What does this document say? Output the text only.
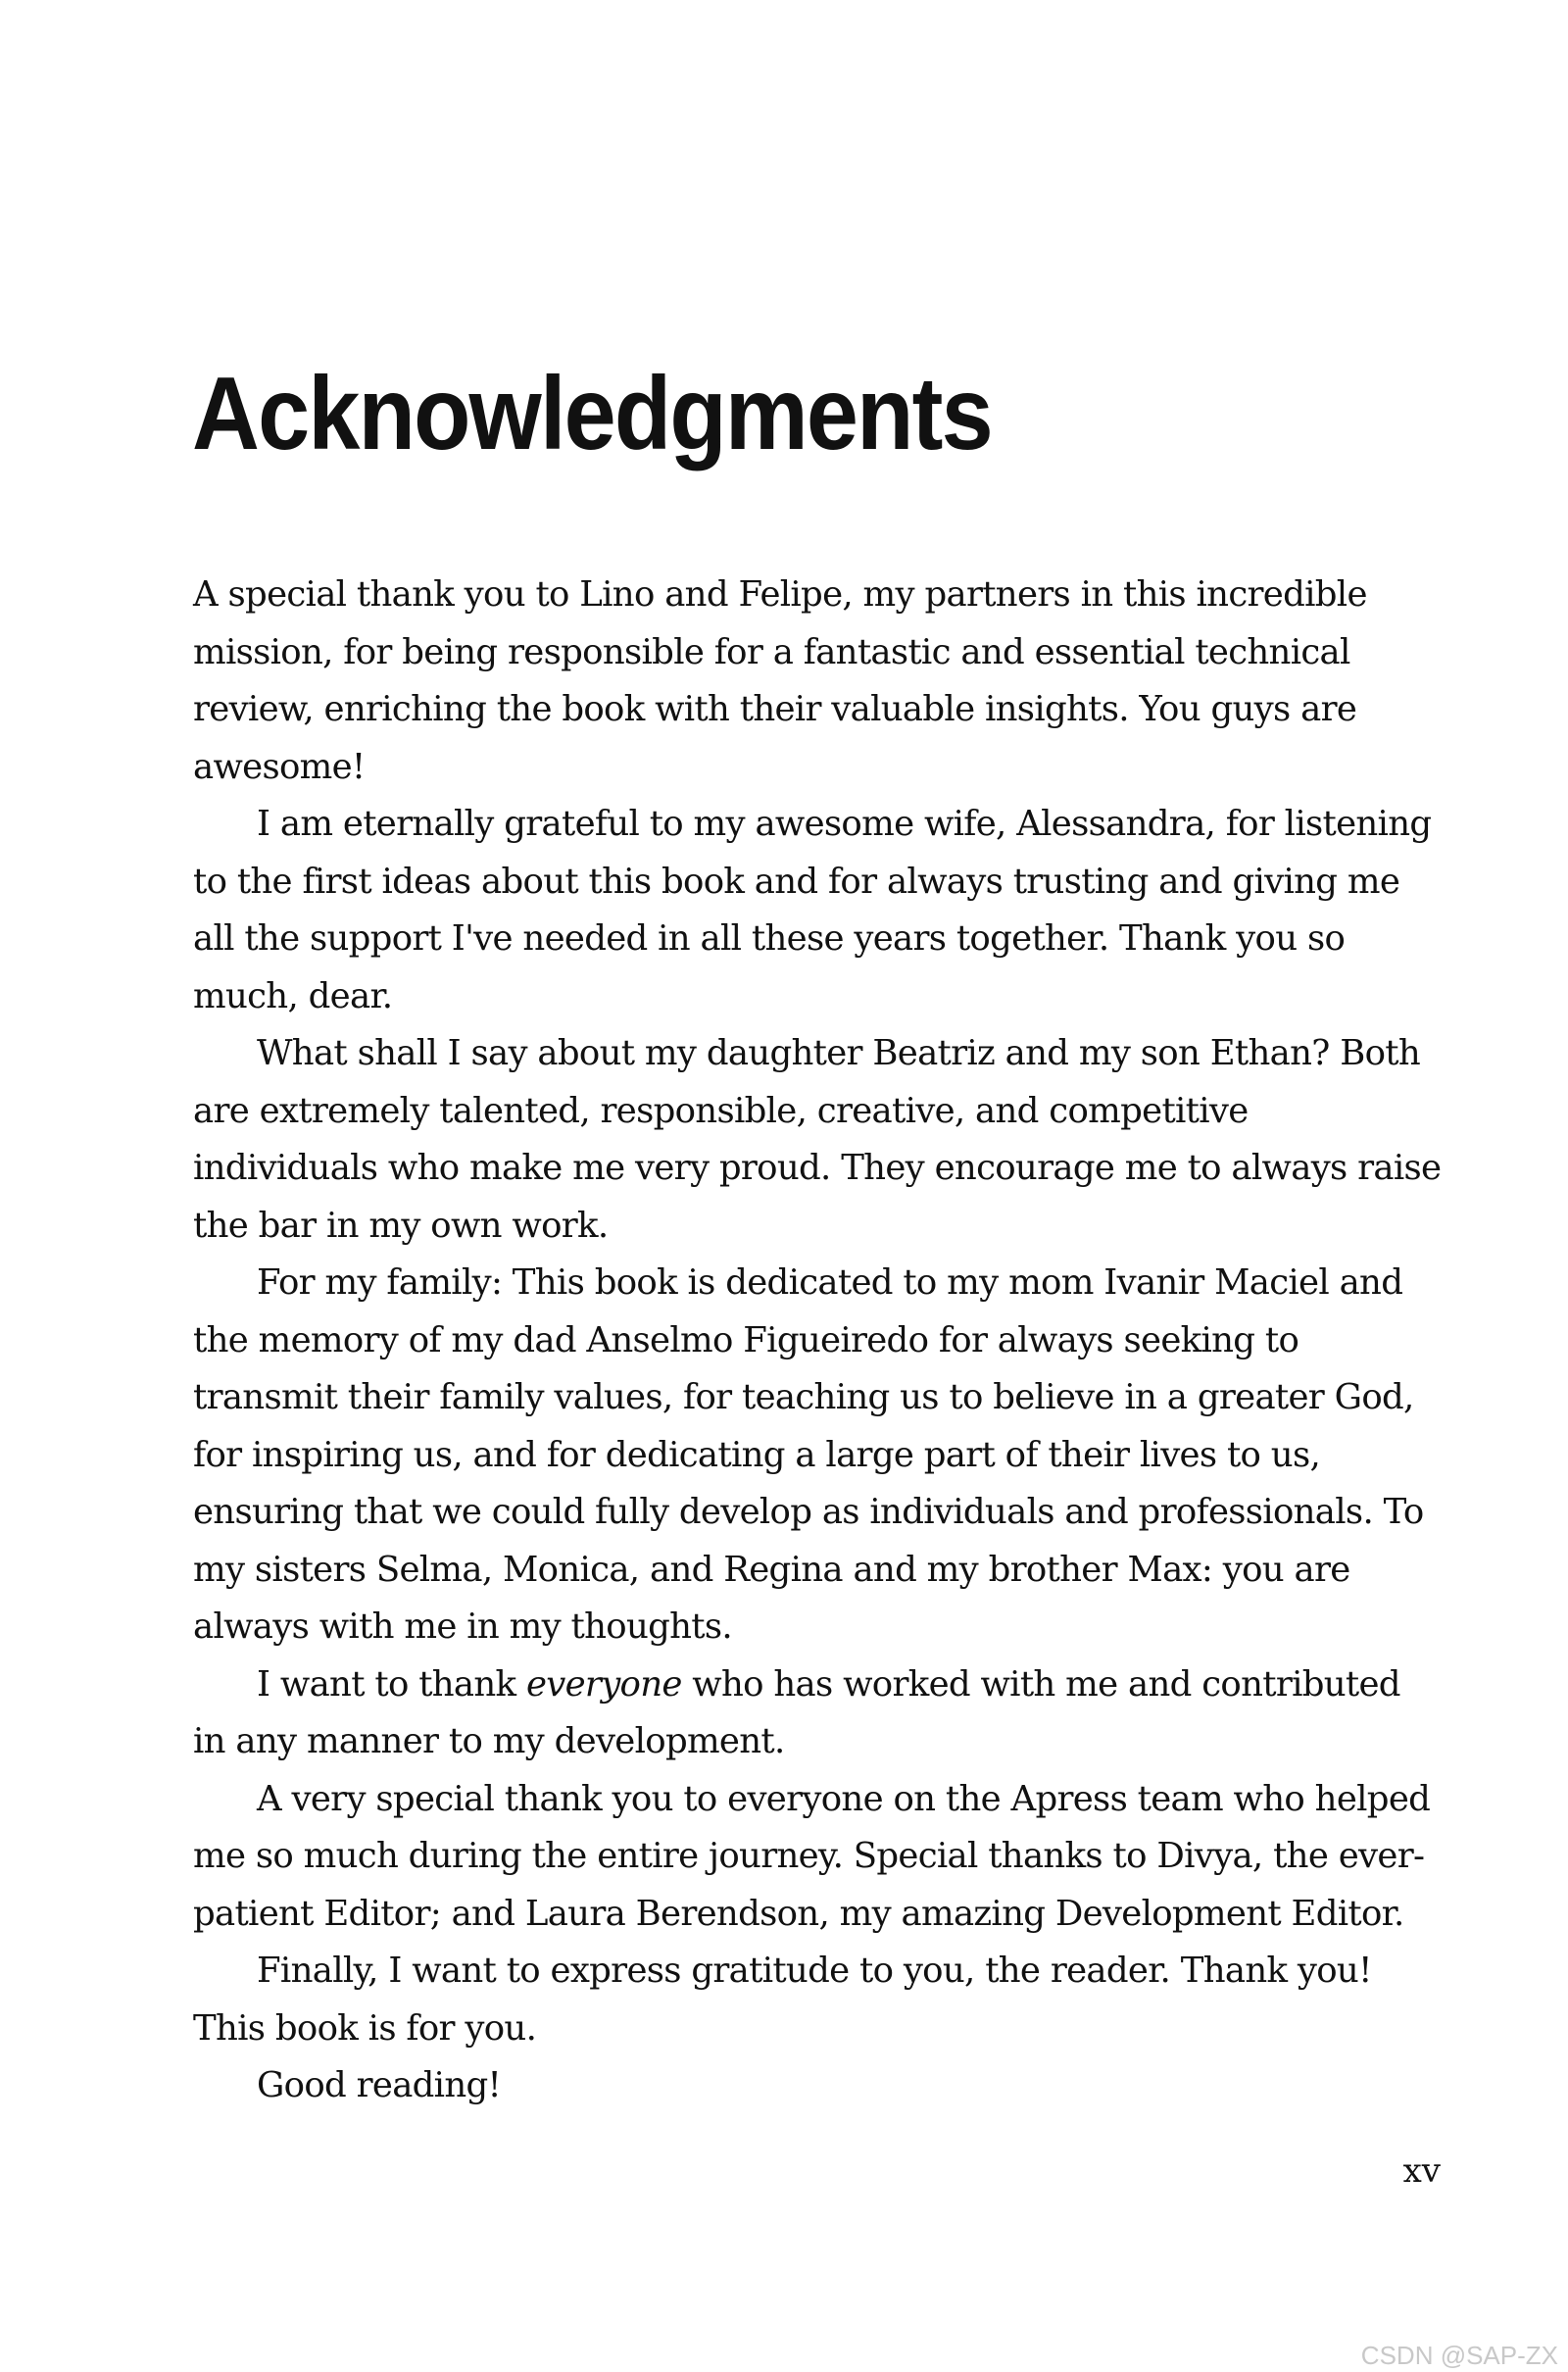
Acknowledgments

A special thank you to Lino and Felipe, my partners in this incredible mission, for being responsible for a fantastic and essential technical review, enriching the book with their valuable insights. You guys are awesome!

I am eternally grateful to my awesome wife, Alessandra, for listening to the first ideas about this book and for always trusting and giving me all the support I've needed in all these years together. Thank you so much, dear.

What shall I say about my daughter Beatriz and my son Ethan? Both are extremely talented, responsible, creative, and competitive individuals who make me very proud. They encourage me to always raise the bar in my own work.

For my family: This book is dedicated to my mom Ivanir Maciel and the memory of my dad Anselmo Figueiredo for always seeking to transmit their family values, for teaching us to believe in a greater God, for inspiring us, and for dedicating a large part of their lives to us, ensuring that we could fully develop as individuals and professionals. To my sisters Selma, Monica, and Regina and my brother Max: you are always with me in my thoughts.

I want to thank everyone who has worked with me and contributed in any manner to my development.

A very special thank you to everyone on the Apress team who helped me so much during the entire journey. Special thanks to Divya, the ever-patient Editor; and Laura Berendson, my amazing Development Editor.

Finally, I want to express gratitude to you, the reader. Thank you! This book is for you.

Good reading!

xv
CSDN @SAP-ZX
